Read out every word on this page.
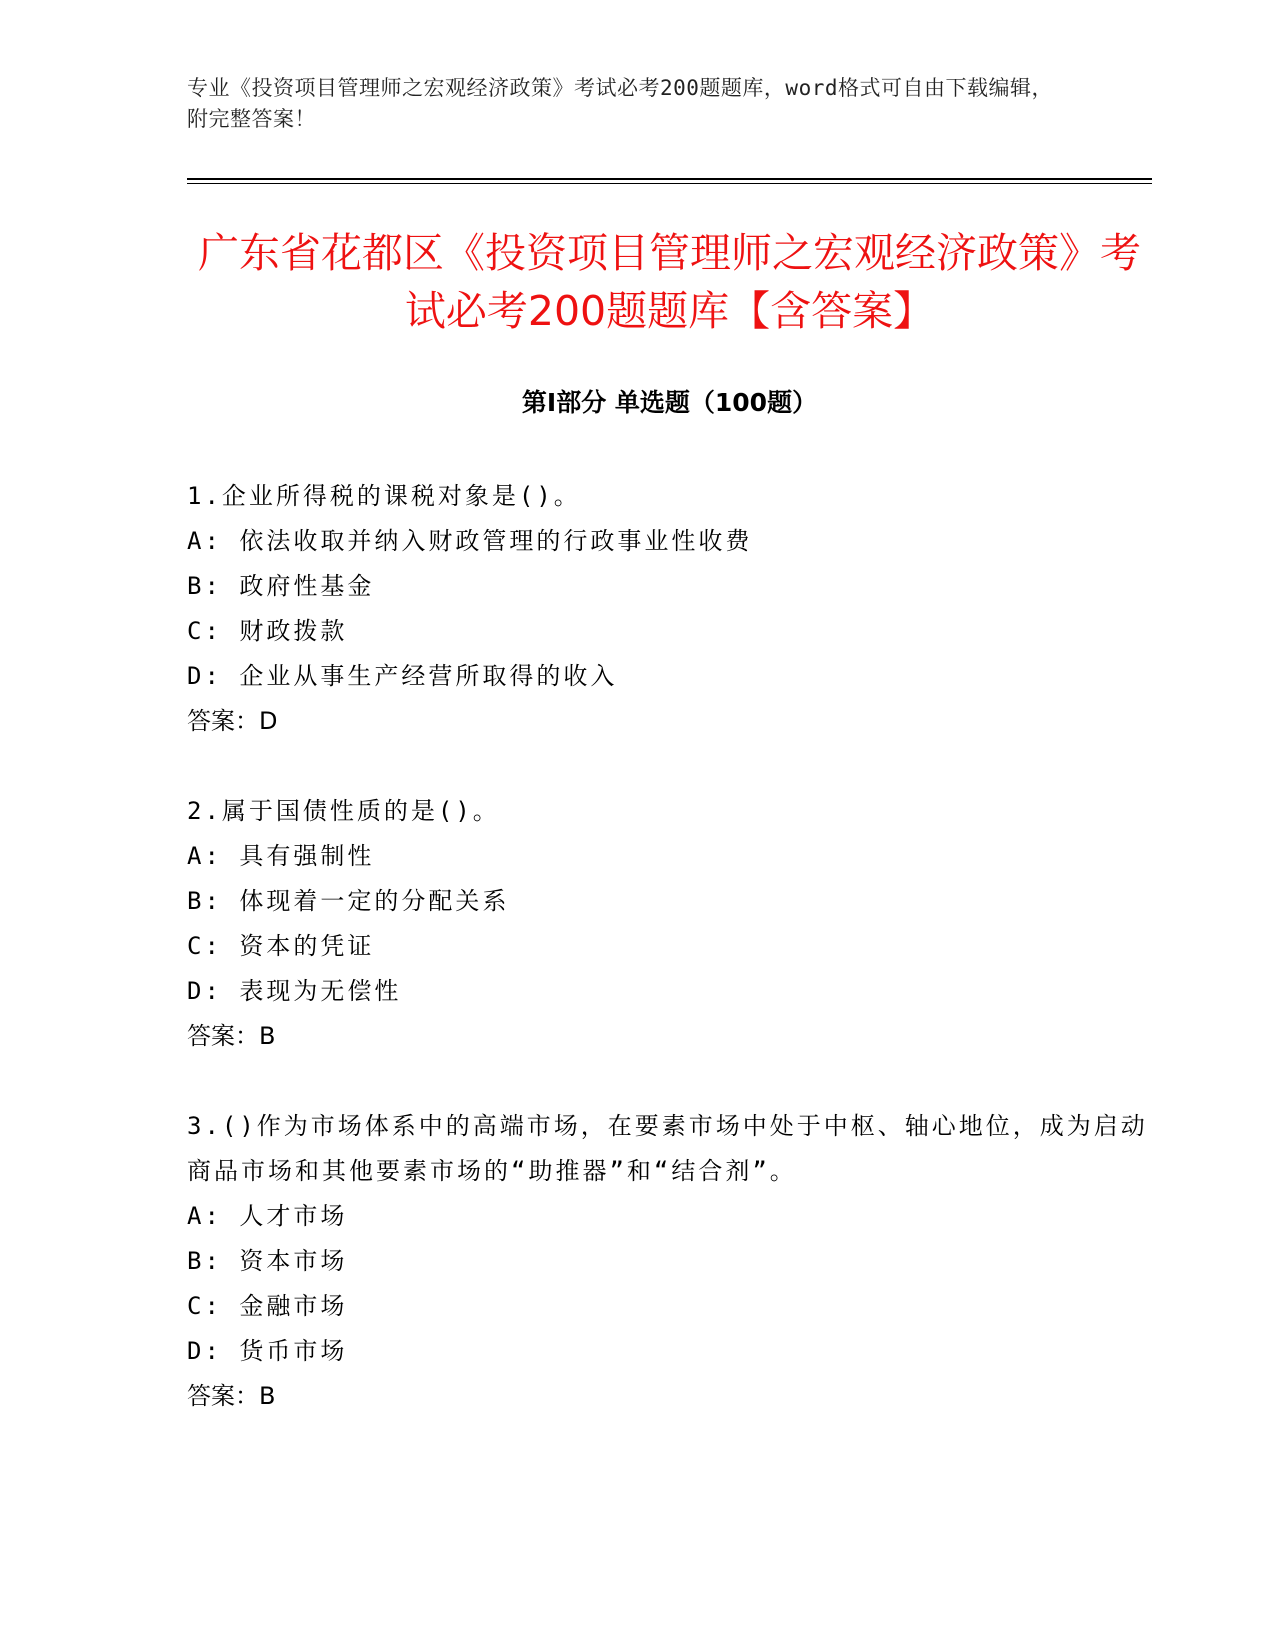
专业《投资项目管理师之宏观经济政策》考试必考200题题库，word格式可自由下载编辑，附完整答案！
广东省花都区《投资项目管理师之宏观经济政策》考试必考200题题库【含答案】
第Ⅰ部分 单选题（100题）
1.企业所得税的课税对象是()。
A: 依法收取并纳入财政管理的行政事业性收费
B: 政府性基金
C: 财政拨款
D: 企业从事生产经营所取得的收入
答案：D
2.属于国债性质的是()。
A: 具有强制性
B: 体现着一定的分配关系
C: 资本的凭证
D: 表现为无偿性
答案：B
3.()作为市场体系中的高端市场，在要素市场中处于中枢、轴心地位，成为启动商品市场和其他要素市场的“助推器”和“结合剂”。
A: 人才市场
B: 资本市场
C: 金融市场
D: 货币市场
答案：B
